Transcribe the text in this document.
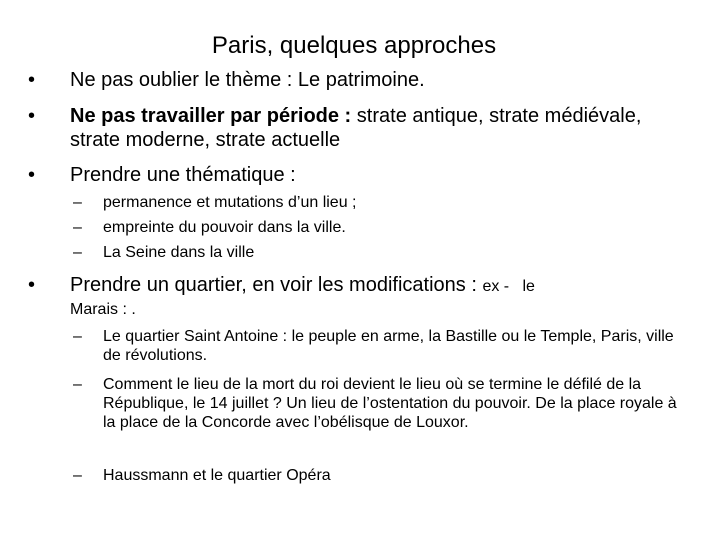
Paris, quelques approches
• Ne pas oublier le thème : Le patrimoine.
• Ne pas travailler par période : strate antique, strate médiévale, strate moderne, strate actuelle
• Prendre une thématique :
– permanence et mutations d’un lieu ;
– empreinte du pouvoir dans la ville.
– La Seine dans la ville
• Prendre un quartier, en voir les modifications : ex -   le
Marais : .
– Le quartier Saint Antoine : le peuple en arme, la Bastille ou le Temple, Paris, ville de révolutions.
– Comment le lieu de la mort du roi devient le lieu où se termine le défilé de la République, le 14 juillet ? Un lieu de l’ostentation du pouvoir. De la place royale à la place de la Concorde avec l’obélisque de Louxor.
– Haussmann et le quartier Opéra
